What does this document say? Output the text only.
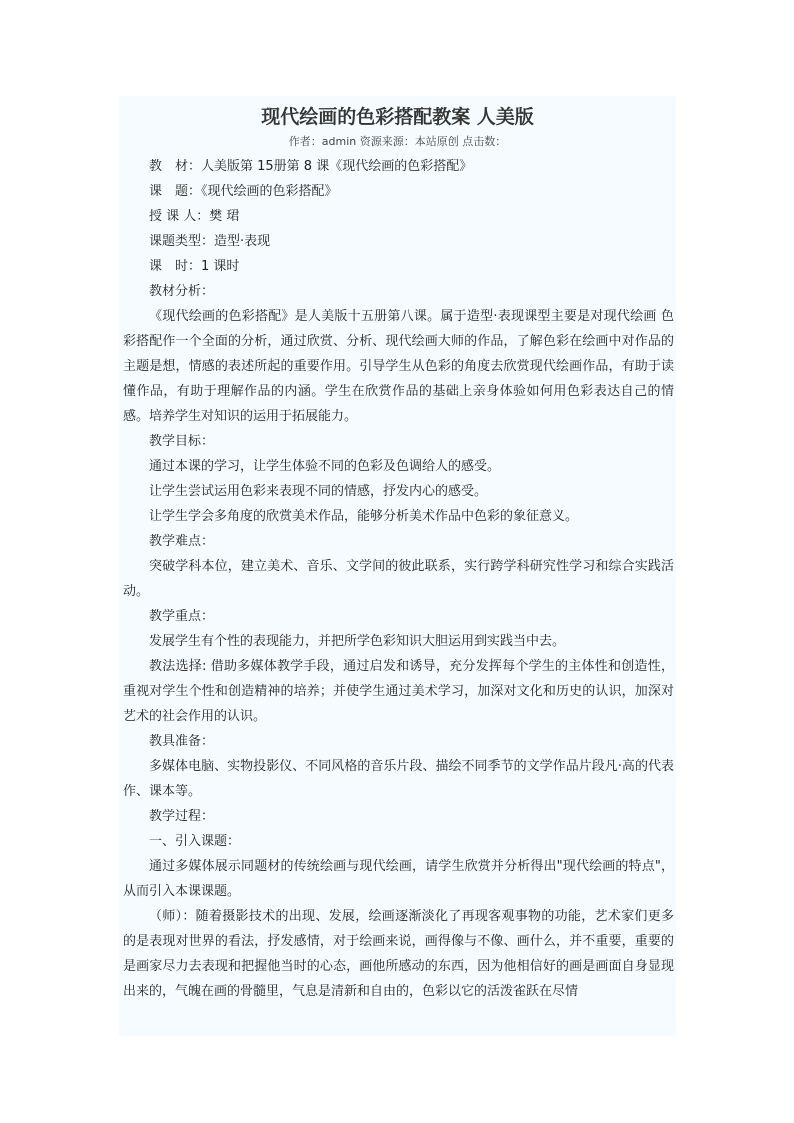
现代绘画的色彩搭配教案 人美版
作者：admin 资源来源：本站原创 点击数：

教　材：人美版第 15册第 8 课《现代绘画的色彩搭配》

课　题：《现代绘画的色彩搭配》

授 课 人：樊 珺

课题类型：造型·表现

课　时：1 课时

教材分析：

《现代绘画的色彩搭配》是人美版十五册第八课。属于造型·表现课型主要是对现代绘画 色彩搭配作一个全面的分析，通过欣赏、分析、现代绘画大师的作品，了解色彩在绘画中对作品的主题是想，情感的表述所起的重要作用。引导学生从色彩的角度去欣赏现代绘画作品，有助于读懂作品，有助于理解作品的内涵。学生在欣赏作品的基础上亲身体验如何用色彩表达自己的情感。培养学生对知识的运用于拓展能力。

教学目标：

通过本课的学习，让学生体验不同的色彩及色调给人的感受。

让学生尝试运用色彩来表现不同的情感，抒发内心的感受。

让学生学会多角度的欣赏美术作品，能够分析美术作品中色彩的象征意义。

教学难点：

突破学科本位，建立美术、音乐、文学间的彼此联系，实行跨学科研究性学习和综合实践活动。

教学重点：

发展学生有个性的表现能力，并把所学色彩知识大胆运用到实践当中去。

教法选择: 借助多媒体教学手段，通过启发和诱导，充分发挥每个学生的主体性和创造性，重视对学生个性和创造精神的培养；并使学生通过美术学习，加深对文化和历史的认识，加深对艺术的社会作用的认识。

教具准备：

多媒体电脑、实物投影仪、不同风格的音乐片段、描绘不同季节的文学作品片段凡·高的代表作、课本等。

教学过程：

一、引入课题：

通过多媒体展示同题材的传统绘画与现代绘画，请学生欣赏并分析得出"现代绘画的特点"，从而引入本课课题。

（师）：随着摄影技术的出现、发展，绘画逐渐淡化了再现客观事物的功能，艺术家们更多的是表现对世界的看法，抒发感情，对于绘画来说，画得像与不像、画什么，并不重要，重要的是画家尽力去表现和把握他当时的心态，画他所感动的东西，因为他相信好的画是画面自身显现出来的，气魄在画的骨髓里，气息是清新和自由的，色彩以它的活泼雀跃在尽情
